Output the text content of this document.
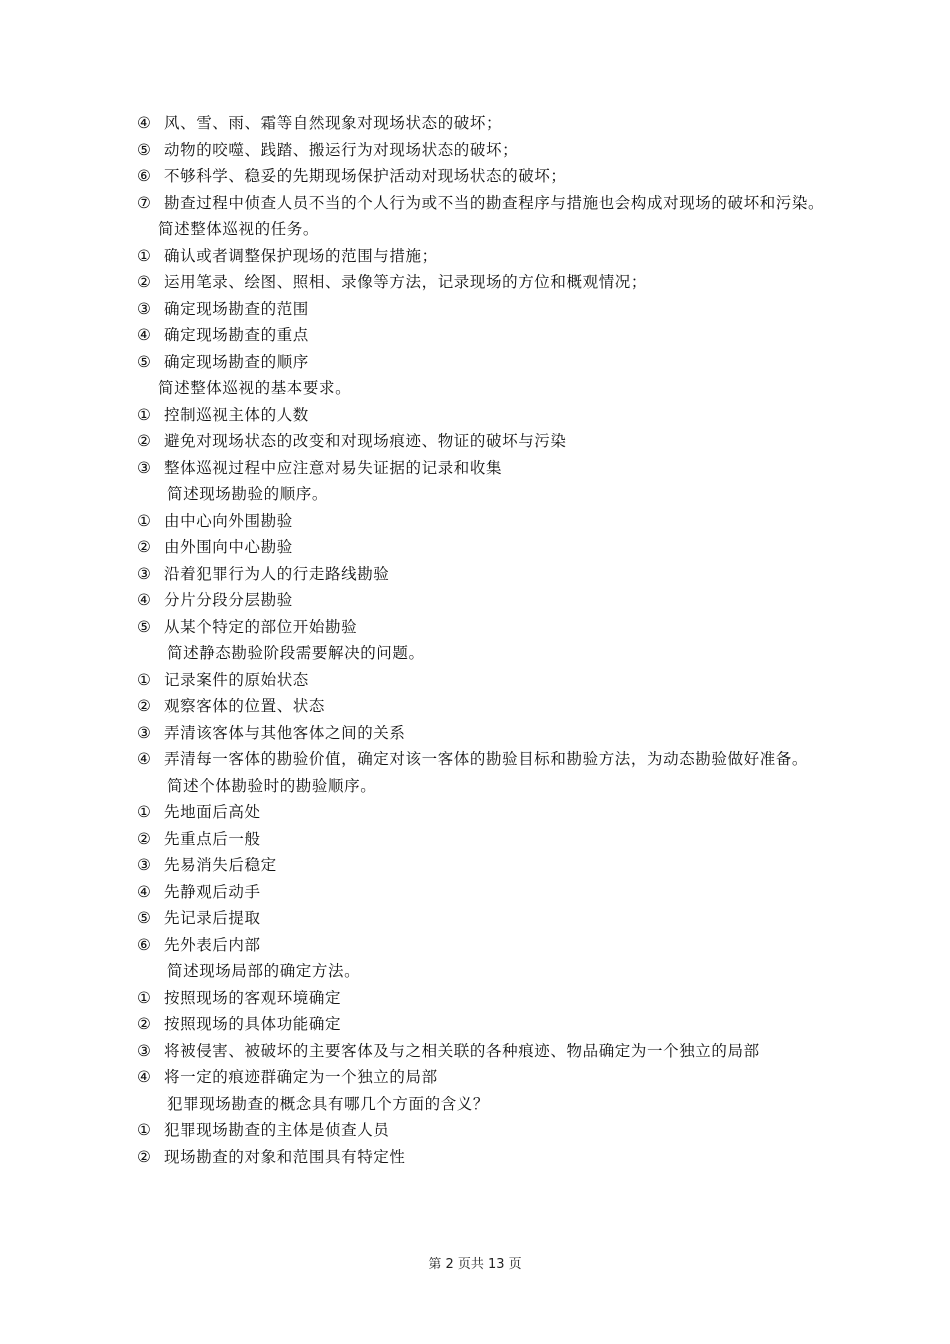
④ 风、雪、雨、霜等自然现象对现场状态的破坏；
⑤ 动物的咬噬、践踏、搬运行为对现场状态的破坏；
⑥ 不够科学、稳妥的先期现场保护活动对现场状态的破坏；
⑦ 勘查过程中侦查人员不当的个人行为或不当的勘查程序与措施也会构成对现场的破坏和污染。
简述整体巡视的任务。
① 确认或者调整保护现场的范围与措施；
② 运用笔录、绘图、照相、录像等方法，记录现场的方位和概观情况；
③ 确定现场勘查的范围
④ 确定现场勘查的重点
⑤ 确定现场勘查的顺序
简述整体巡视的基本要求。
① 控制巡视主体的人数
② 避免对现场状态的改变和对现场痕迹、物证的破坏与污染
③ 整体巡视过程中应注意对易失证据的记录和收集
简述现场勘验的顺序。
① 由中心向外围勘验
② 由外围向中心勘验
③ 沿着犯罪行为人的行走路线勘验
④ 分片分段分层勘验
⑤ 从某个特定的部位开始勘验
简述静态勘验阶段需要解决的问题。
① 记录案件的原始状态
② 观察客体的位置、状态
③ 弄清该客体与其他客体之间的关系
④ 弄清每一客体的勘验价值，确定对该一客体的勘验目标和勘验方法，为动态勘验做好准备。
简述个体勘验时的勘验顺序。
① 先地面后高处
② 先重点后一般
③ 先易消失后稳定
④ 先静观后动手
⑤ 先记录后提取
⑥ 先外表后内部
简述现场局部的确定方法。
① 按照现场的客观环境确定
② 按照现场的具体功能确定
③ 将被侵害、被破坏的主要客体及与之相关联的各种痕迹、物品确定为一个独立的局部
④ 将一定的痕迹群确定为一个独立的局部
犯罪现场勘查的概念具有哪几个方面的含义？
① 犯罪现场勘查的主体是侦查人员
② 现场勘查的对象和范围具有特定性
第 2 页共 13 页
